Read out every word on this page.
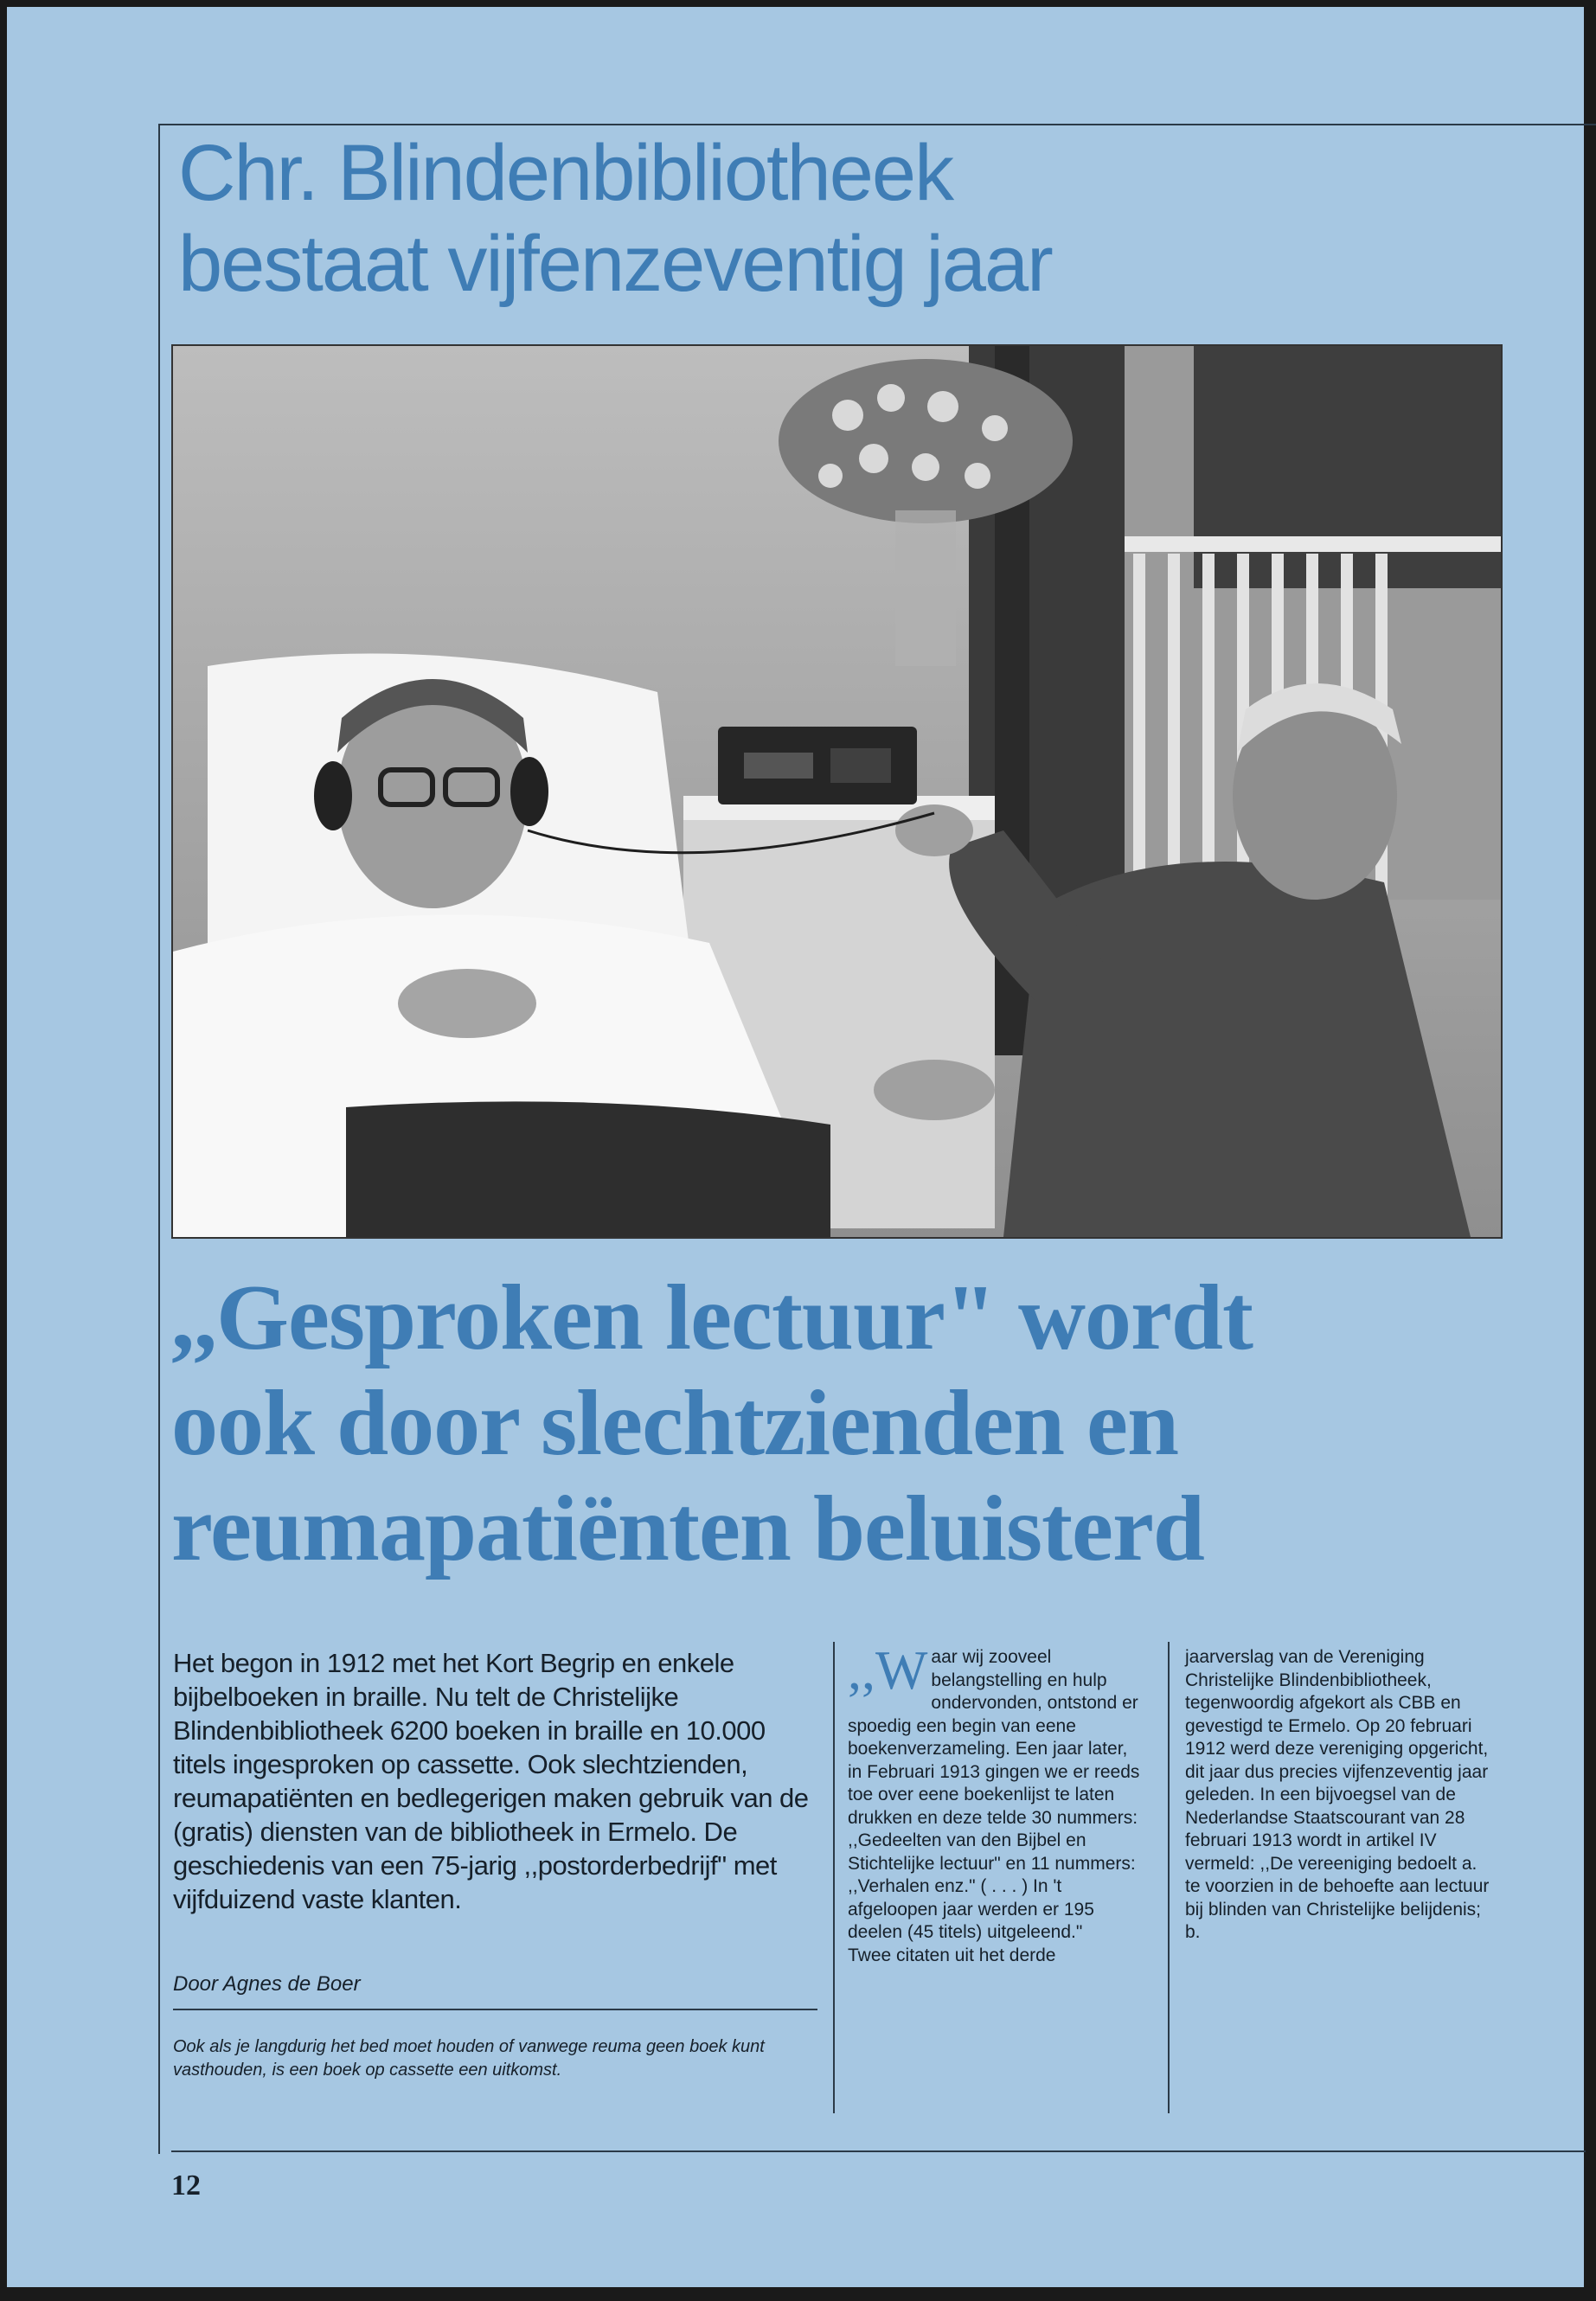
Chr. Blindenbibliotheek
bestaat vijfenzeventig jaar
,,Gesproken lectuur" wordt
ook door slechtzienden en
reumapatiënten beluisterd
Het begon in 1912 met het Kort Begrip en enkele bijbelboeken in braille. Nu telt de Christelijke Blindenbibliotheek 6200 boeken in braille en 10.000 titels ingesproken op cassette. Ook slechtzienden, reumapatiënten en bedlegerigen maken gebruik van de (gratis) diensten van de bibliotheek in Ermelo. De geschiedenis van een 75-jarig ,,postorderbedrijf" met vijfduizend vaste klanten.
Door Agnes de Boer
Ook als je langdurig het bed moet houden of vanwege reuma geen boek kunt vasthouden, is een boek op cassette een uitkomst.
,,W aar wij zooveel belangstelling en hulp ondervonden, ontstond er spoedig een begin van eene boekenverzameling. Een jaar later, in Februari 1913 gingen we er reeds toe over eene boekenlijst te laten drukken en deze telde 30 nummers: ,,Gedeelten van den Bijbel en Stichtelijke lectuur" en 11 nummers: ,,Verhalen enz." ( . . . ) In 't afgeloopen jaar werden er 195 deelen (45 titels) uitgeleend."
Twee citaten uit het derde
jaarverslag van de Vereniging Christelijke Blindenbibliotheek, tegenwoordig afgekort als CBB en gevestigd te Ermelo. Op 20 februari 1912 werd deze vereniging opgericht, dit jaar dus precies vijfenzeventig jaar geleden. In een bijvoegsel van de Nederlandse Staatscourant van 28 februari 1913 wordt in artikel IV vermeld: ,,De vereeniging bedoelt a. te voorzien in de behoefte aan lectuur bij blinden van Christelijke belijdenis; b.
12
